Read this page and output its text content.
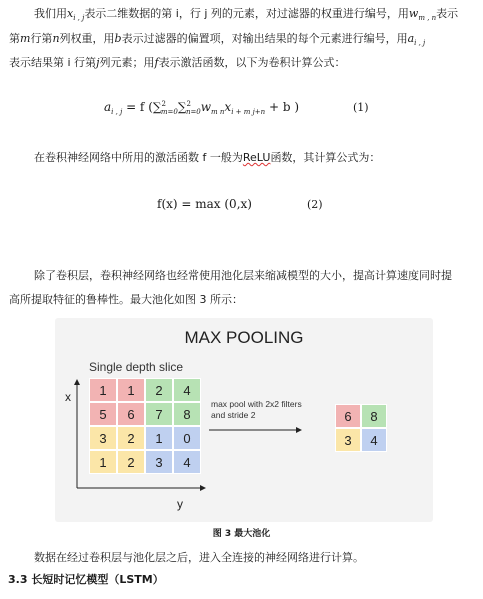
我们用$x_{i , j}$表示二维数据的第 i，行 j 列的元素，对过滤器的权重进行编号，用$w_{m , n}$表示
第m行第n列权重，用b表示过滤器的偏置项，对输出结果的每个元素进行编号，用$a_{i , j}$
表示结果第 i 行第j列元素；用f表示激活函数，以下为卷积计算公式：
$a_{i , j} = f$ ($\sum^2_{m=0}\sum^2_{n=0}w_{m n}x_{i + m j+n} + b$ )	(1)
在卷积神经网络中所用的激活函数 f 一般为ReLU函数，其计算公式为：
f(x) = max (0,x)	(2)
除了卷积层，卷积神经网络也经常使用池化层来缩减模型的大小，提高计算速度同时提
高所提取特征的鲁棒性。最大池化如图 3 所示：
MAX POOLING
Single depth slice
x
y
1	1	2	4
5	6	7	8
3	2	1	0
1	2	3	4
max pool with 2x2 filters
and stride 2	6	8
3	4
图 3 最大池化
数据在经过卷积层与池化层之后，进入全连接的神经网络进行计算。
3.3 长短时记忆模型（LSTM）
